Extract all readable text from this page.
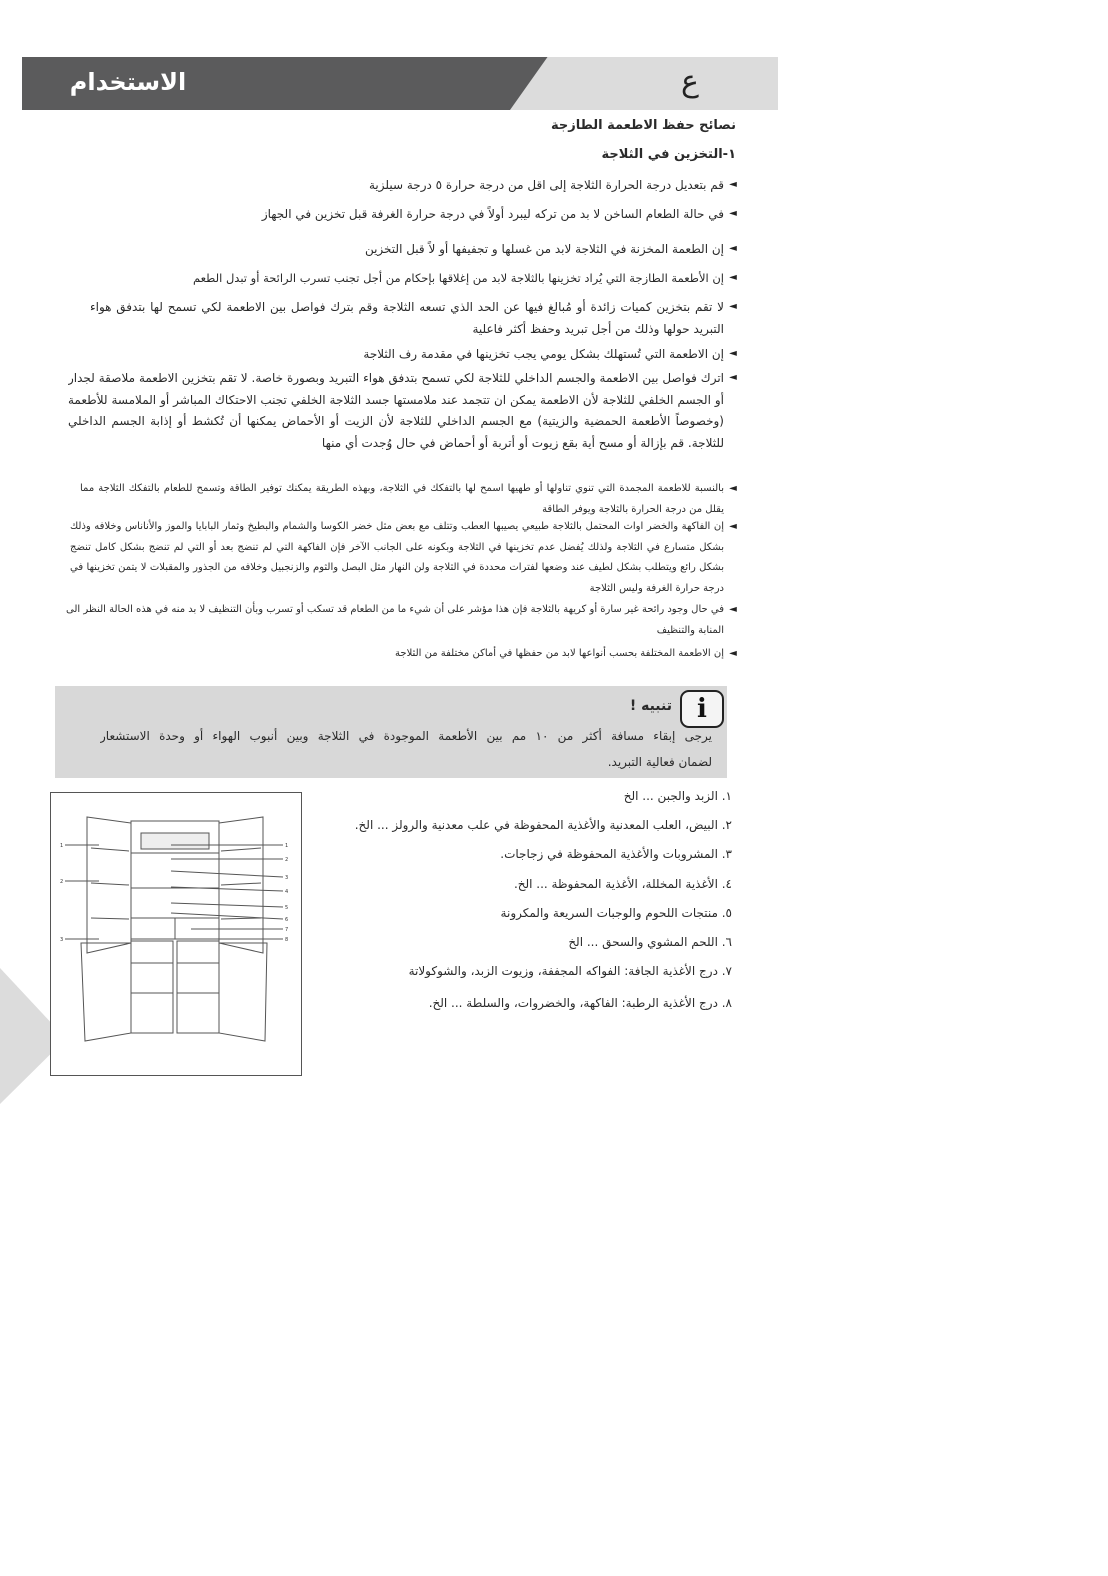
الاستخدام	ع
نصائح حفظ الاطعمة الطازجة
١-التخزين في الثلاجة
◄
قم بتعديل درجة الحرارة الثلاجة إلى اقل من درجة حرارة ٥ درجة سيلزية
◄
في حالة الطعام الساخن لا بد من تركه ليبرد أولاً في درجة حرارة الغرفة قبل تخزين في الجهاز
◄
إن الطعمة المخزنة في الثلاجة لابد من غسلها و تجفيفها أو لاً قبل التخزين
◄
إن الأطعمة الطازجة التي يُراد تخزينها بالثلاجة لابد من إغلاقها بإحكام من أجل تجنب تسرب الرائحة أو تبدل الطعم
◄
لا تقم بتخزين كميات زائدة أو مُبالغ فيها عن الحد الذي تسعه الثلاجة وقم بترك فواصل بين الاطعمة لكي تسمح لها بتدفق هواء التبريد حولها وذلك من أجل تبريد وحفظ أكثر فاعلية
◄
إن الاطعمة التي تُستهلك بشكل يومي يجب تخزينها في مقدمة رف الثلاجة
◄
اترك فواصل بين الاطعمة والجسم الداخلي للثلاجة لكي تسمح بتدفق هواء التبريد وبصورة خاصة. لا تقم بتخزين الاطعمة ملاصقة لجدار أو الجسم الخلفي للثلاجة لأن الاطعمة يمكن ان تتجمد عند ملامستها جسد الثلاجة الخلفي تجنب الاحتكاك المباشر أو الملامسة للأطعمة (وخصوصاً الأطعمة الحمضية والزيتية) مع الجسم الداخلي للثلاجة لأن الزيت أو الأحماض يمكنها أن تُكشط أو إذابة الجسم الداخلي للثلاجة. قم بإزالة أو مسح أية بقع زيوت أو أتربة أو أحماض في حال وُجدت أي منها
◄
بالنسبة للاطعمة المجمدة التي تنوي تناولها أو طهيها اسمح لها بالتفكك في الثلاجة، وبهذه الطريقة يمكنك توفير الطاقة وتسمح للطعام بالتفكك الثلاجة مما يقلل من درجة الحرارة بالثلاجة ويوفر الطاقة
◄
إن الفاكهة والخضر اوات المحتمل بالثلاجة طبيعي يصيبها العطب وتتلف مع بعض مثل خضر الكوسا والشمام والبطيخ وثمار البابايا والموز والأناناس وخلافه وذلك بشكل متسارع في الثلاجة ولذلك يُفضل عدم تخزينها في الثلاجة وبكونه على الجانب الآخر فإن الفاكهة التي لم تنضج بعد أو التي لم تنضج بشكل كامل تنضج بشكل رائع ويتطلب بشكل لطيف عند وضعها لفترات محددة في الثلاجة ولن النهار مثل البصل والثوم والزنجبيل وخلافه من الجذور والمقبلات لا يتمن تخزينها في درجة حرارة الغرفة وليس الثلاجة
◄
في حال وجود رائحة غير سارة أو كريهة بالثلاجة فإن هذا مؤشر على أن شيء ما من الطعام قد تسكب أو تسرب وبأن التنظيف لا بد منه في هذه الحالة النظر الى المنابة والتنظيف
◄
إن الاطعمة المختلفة بحسب أنواعها لابد من حفظها في أماكن مختلفة من الثلاجة
i
تنبيه !
يرجى إبقاء مسافة أكثر من ١٠ مم بين الأطعمة الموجودة في الثلاجة وبين أنبوب الهواء أو وحدة الاستشعار
لضمان فعالية التبريد.
1
2
3
4
5
6
7
8
1
2
3
١. الزبد والجبن ... الخ
٢. البيض، العلب المعدنية والأغذية المحفوظة في علب معدنية والرولز ... الخ.
٣. المشروبات والأغذية المحفوظة في زجاجات.
٤. الأغذية المخللة، الأغذية المحفوظة ... الخ.
٥. منتجات اللحوم والوجبات السريعة والمكرونة
٦. اللحم المشوي والسحق ... الخ
٧. درج الأغذية الجافة: الفواكه المجففة، وزيوت الزبد، والشوكولاتة
٨. درج الأغذية الرطبة: الفاكهة، والخضروات، والسلطة ... الخ.
